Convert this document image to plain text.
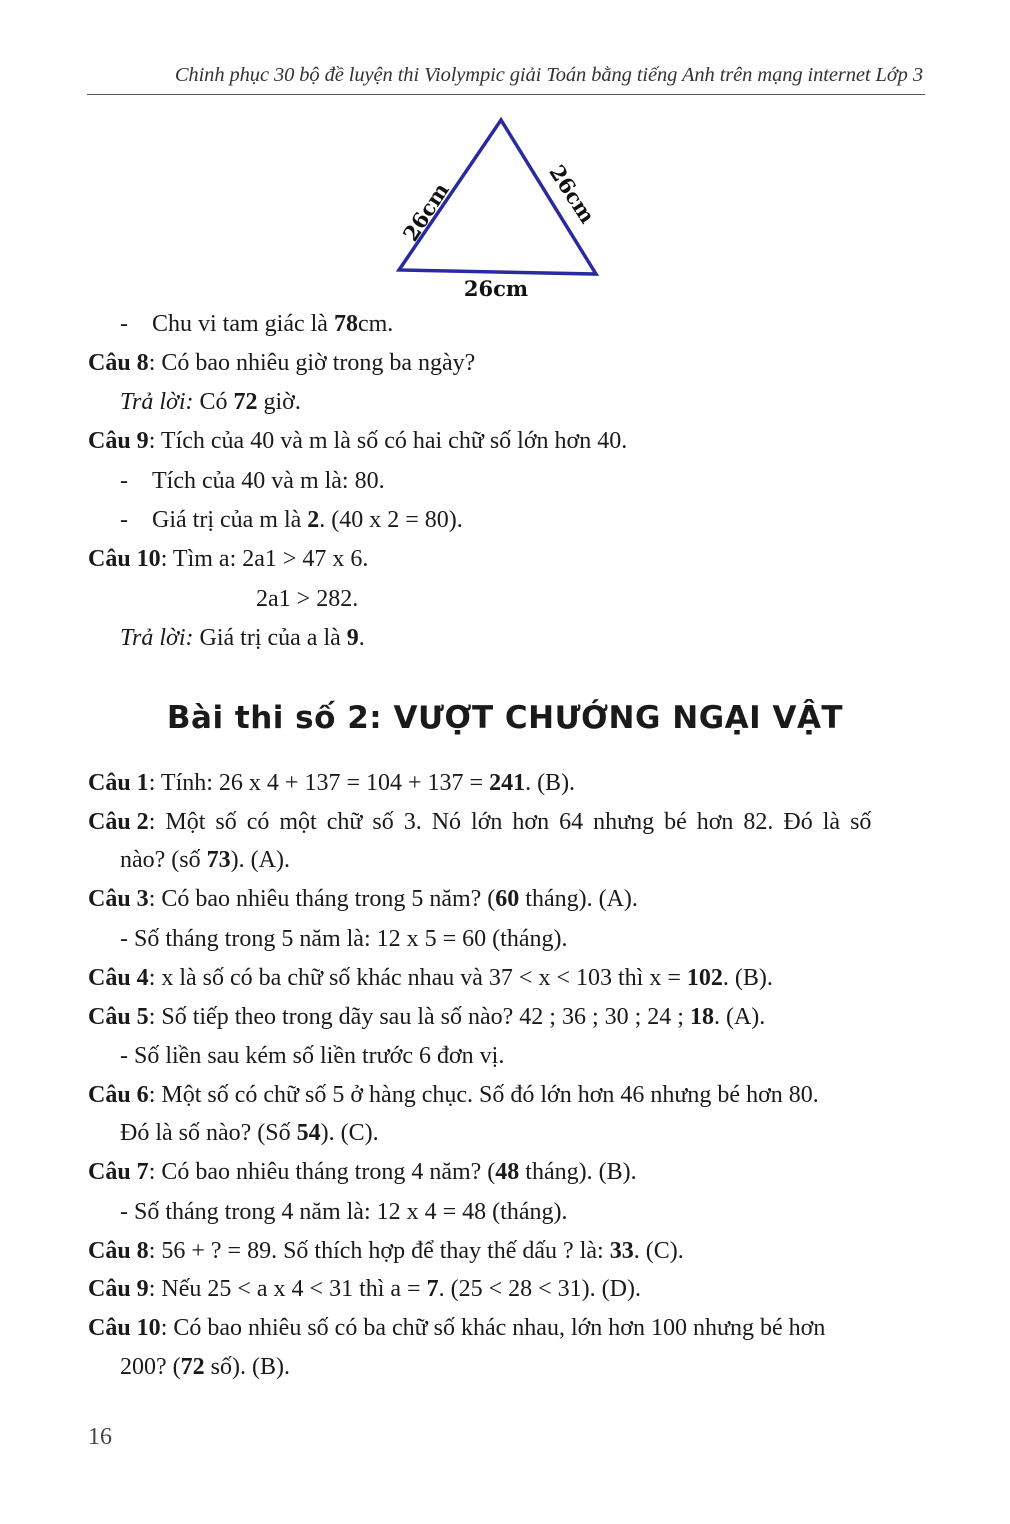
Chinh phục 30 bộ đề luyện thi Violympic giải Toán bằng tiếng Anh trên mạng internet Lớp 3
26cm	26cm
26cm
- Chu vi tam giác là 78cm.
Câu 8: Có bao nhiêu giờ trong ba ngày?
Trả lời: Có 72 giờ.
Câu 9: Tích của 40 và m là số có hai chữ số lớn hơn 40.
- Tích của 40 và m là: 80.
- Giá trị của m là 2. (40 x 2 = 80).
Câu 10: Tìm a: 2a1 > 47 x 6.
2a1 > 282.
Trả lời: Giá trị của a là 9.
Bài thi số 2: VƯỢT CHƯỚNG NGẠI VẬT
Câu 1: Tính: 26 x 4 + 137 = 104 + 137 = 241. (B).
Câu 2: Một số có một chữ số 3. Nó lớn hơn 64 nhưng bé hơn 82. Đó là số
nào? (số 73). (A).
Câu 3: Có bao nhiêu tháng trong 5 năm? (60 tháng). (A).
- Số tháng trong 5 năm là: 12 x 5 = 60 (tháng).
Câu 4: x là số có ba chữ số khác nhau và 37 < x < 103 thì x = 102. (B).
Câu 5: Số tiếp theo trong dãy sau là số nào? 42 ; 36 ; 30 ; 24 ; 18. (A).
- Số liền sau kém số liền trước 6 đơn vị.
Câu 6: Một số có chữ số 5 ở hàng chục. Số đó lớn hơn 46 nhưng bé hơn 80.
Đó là số nào? (Số 54). (C).
Câu 7: Có bao nhiêu tháng trong 4 năm? (48 tháng). (B).
- Số tháng trong 4 năm là: 12 x 4 = 48 (tháng).
Câu 8: 56 + ? = 89. Số thích hợp để thay thế dấu ? là: 33. (C).
Câu 9: Nếu 25 < a x 4 < 31 thì a = 7. (25 < 28 < 31). (D).
Câu 10: Có bao nhiêu số có ba chữ số khác nhau, lớn hơn 100 nhưng bé hơn
200? (72 số). (B).
16
